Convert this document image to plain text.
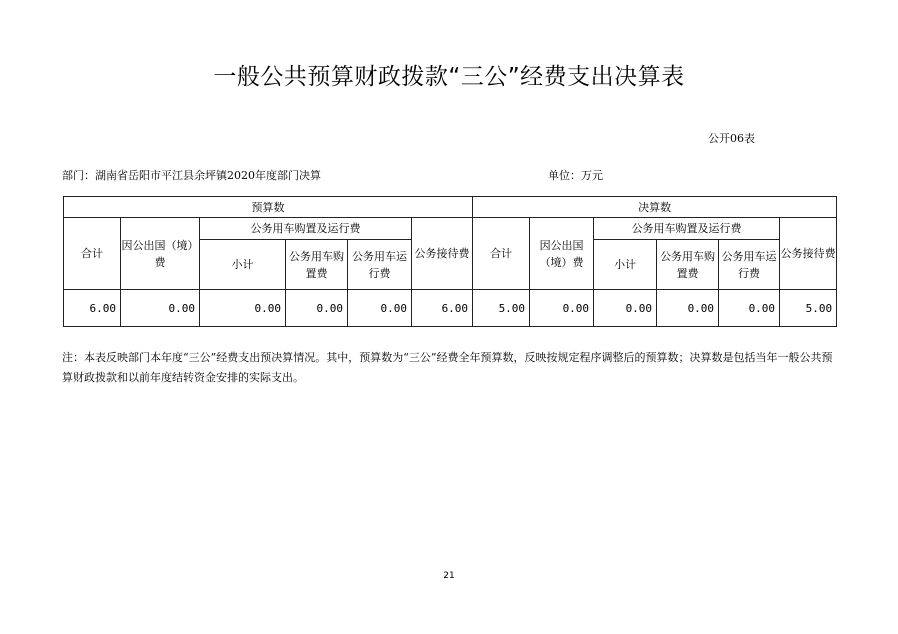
一般公共预算财政拨款“三公”经费支出决算表
公开06表
部门：湖南省岳阳市平江县余坪镇2020年度部门决算	单位：万元
预算数						决算数					
合计	因公出国（境）费	公务用车购置及运行费			公务接待费	合计	因公出国（境）费	公务用车购置及运行费			公务接待费
		小计	公务用车购置费	公务用车运行费				小计	公务用车购置费	公务用车运行费	
6.00	0.00	0.00	0.00	0.00	6.00	5.00	0.00	0.00	0.00	0.00	5.00
注：本表反映部门本年度“三公”经费支出预决算情况。其中，预算数为“三公”经费全年预算数，反映按规定程序调整后的预算数；决算数是包括当年一般公共预算财政拨款和以前年度结转资金安排的实际支出。
21
